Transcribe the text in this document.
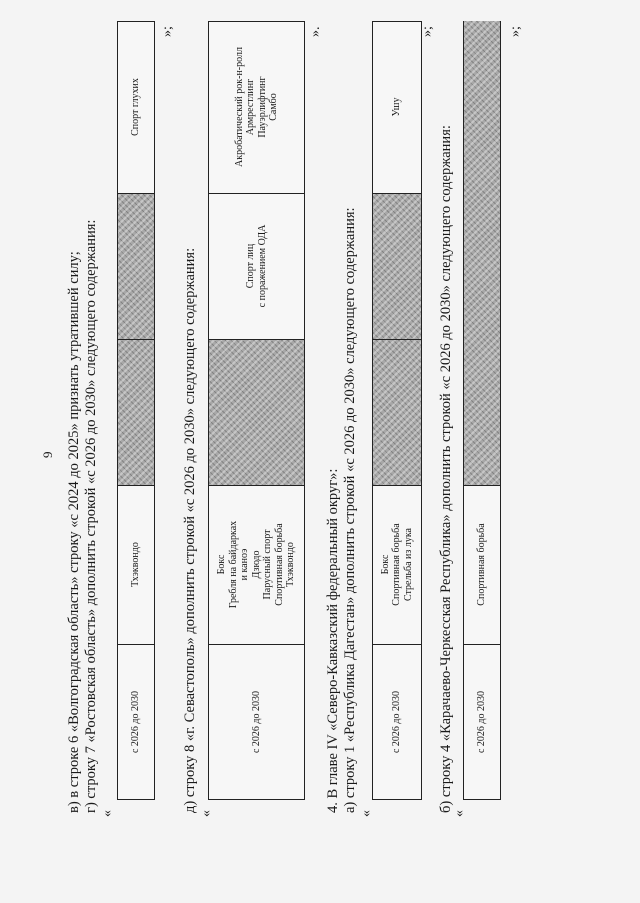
9 в) в строке 6 «Волгоградская область» строку «с 2024 до 2025» признать утратившей силу; г) строку 7 «Ростовская область» дополнить строкой «с 2026 до 2030» следующего содержания:
«
с 2026 до 2030
Тхэквондо
Спорт глухих
»;
д) строку 8 «г. Севастополь» дополнить строкой «с 2026 до 2030» следующего содержания:
«
с 2026 до 2030
Бокс Гребля на байдарках и каноэ Дзюдо Парусный спорт Спортивная борьба Тхэквондо
Спорт лиц с поражением ОДА
Акробатический рок-н-ролл Армрестлинг Пауэрлифтинг Самбо
».
4. В главе IV «Северо-Кавказский федеральный округ»: а) строку 1 «Республика Дагестан» дополнить строкой «с 2026 до 2030» следующего содержания:
«
с 2026 до 2030
Бокс Спортивная борьба Стрельба из лука
Ушу
»;
б) строку 4 «Карачаево-Черкесская Республика» дополнить строкой «с 2026 до 2030» следующего содержания:
«
с 2026 до 2030
Спортивная борьба
»;
